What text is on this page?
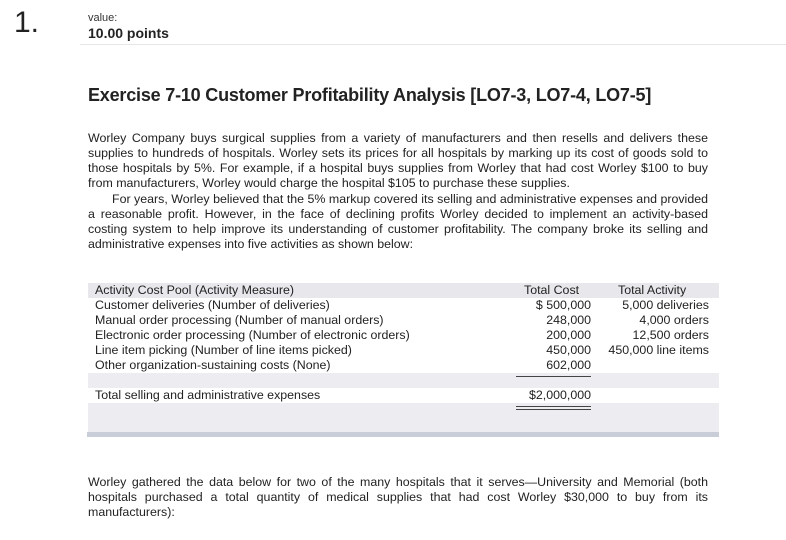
1.	value:
10.00 points
Exercise 7-10 Customer Profitability Analysis [LO7-3, LO7-4, LO7-5]
Worley Company buys surgical supplies from a variety of manufacturers and then resells and delivers these supplies to hundreds of hospitals. Worley sets its prices for all hospitals by marking up its cost of goods sold to those hospitals by 5%. For example, if a hospital buys supplies from Worley that had cost Worley $100 to buy from manufacturers, Worley would charge the hospital $105 to purchase these supplies.
For years, Worley believed that the 5% markup covered its selling and administrative expenses and provided a reasonable profit. However, in the face of declining profits Worley decided to implement an activity-based costing system to help improve its understanding of customer profitability. The company broke its selling and administrative expenses into five activities as shown below:
Activity Cost Pool (Activity Measure)	Total Cost	Total Activity
Customer deliveries (Number of deliveries)	$ 500,000	5,000 deliveries
Manual order processing (Number of manual orders)	248,000	4,000 orders
Electronic order processing (Number of electronic orders)	200,000	12,500 orders
Line item picking (Number of line items picked)	450,000	450,000 line items
Other organization-sustaining costs (None)	602,000
Total selling and administrative expenses	$2,000,000
Worley gathered the data below for two of the many hospitals that it serves—University and Memorial (both hospitals purchased a total quantity of medical supplies that had cost Worley $30,000 to buy from its manufacturers):
